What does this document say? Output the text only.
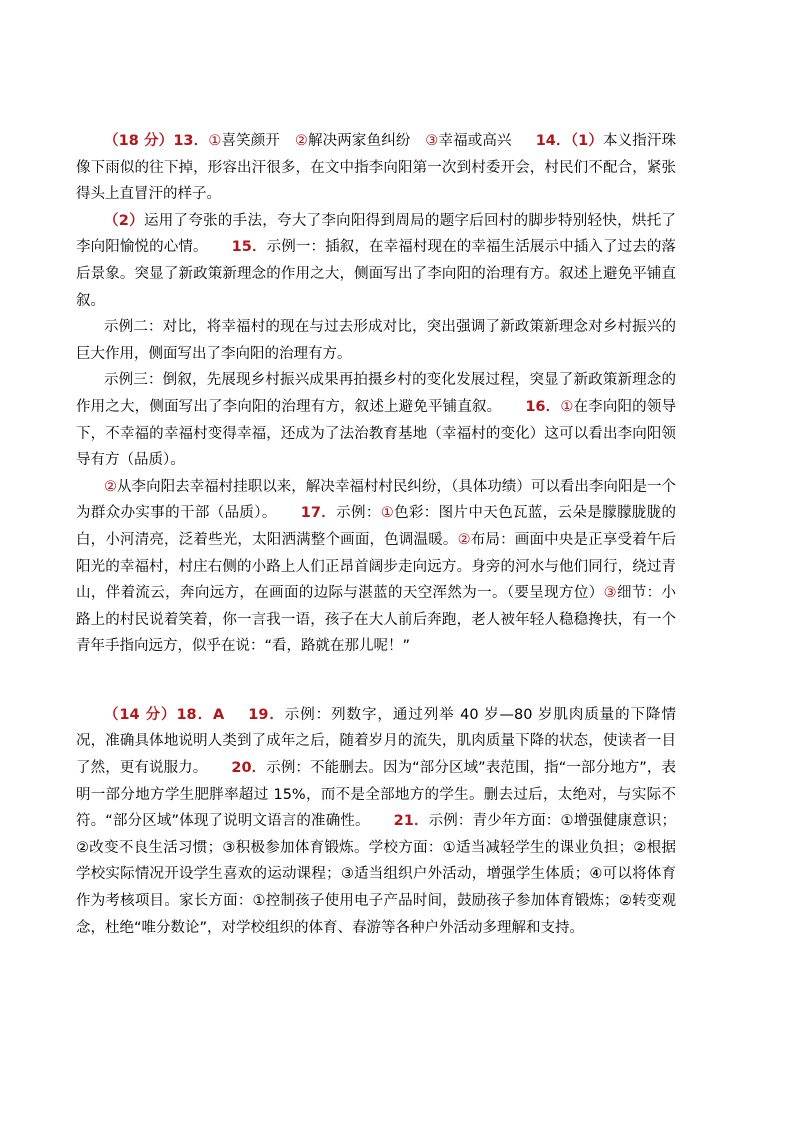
（18 分）13．①喜笑颜开 ②解决两家鱼纠纷 ③幸福或高兴 14．（1）本义指汗珠像下雨似的往下掉，形容出汗很多，在文中指李向阳第一次到村委开会，村民们不配合，紧张得头上直冒汗的样子。

（2）运用了夸张的手法，夸大了李向阳得到周局的题字后回村的脚步特别轻快，烘托了李向阳愉悦的心情。 15．示例一：插叙，在幸福村现在的幸福生活展示中插入了过去的落后景象。突显了新政策新理念的作用之大，侧面写出了李向阳的治理有方。叙述上避免平铺直叙。

示例二：对比，将幸福村的现在与过去形成对比，突出强调了新政策新理念对乡村振兴的巨大作用，侧面写出了李向阳的治理有方。

示例三：倒叙，先展现乡村振兴成果再拍摄乡村的变化发展过程，突显了新政策新理念的作用之大，侧面写出了李向阳的治理有方，叙述上避免平铺直叙。 16．①在李向阳的领导下，不幸福的幸福村变得幸福，还成为了法治教育基地（幸福村的变化）这可以看出李向阳领导有方（品质）。

②从李向阳去幸福村挂职以来，解决幸福村村民纠纷，（具体功绩）可以看出李向阳是一个为群众办实事的干部（品质）。 17．示例：①色彩：图片中天色瓦蓝，云朵是朦朦胧胧的白，小河清亮，泛着些光，太阳洒满整个画面，色调温暖。②布局：画面中央是正享受着午后阳光的幸福村，村庄右侧的小路上人们正昂首阔步走向远方。身旁的河水与他们同行，绕过青山，伴着流云，奔向远方，在画面的边际与湛蓝的天空浑然为一。（要呈现方位）③细节：小路上的村民说着笑着，你一言我一语，孩子在大人前后奔跑，老人被年轻人稳稳搀扶，有一个青年手指向远方，似乎在说：“看，路就在那儿呢！”

（14 分）18．A 19．示例：列数字，通过列举 40 岁—80 岁肌肉质量的下降情况，准确具体地说明人类到了成年之后，随着岁月的流失，肌肉质量下降的状态，使读者一目了然，更有说服力。 20．示例：不能删去。因为“部分区域”表范围，指“一部分地方”，表明一部分地方学生肥胖率超过 15%，而不是全部地方的学生。删去过后，太绝对，与实际不符。“部分区域”体现了说明文语言的准确性。 21．示例：青少年方面：①增强健康意识；②改变不良生活习惯；③积极参加体育锻炼。学校方面：①适当减轻学生的课业负担；②根据学校实际情况开设学生喜欢的运动课程；③适当组织户外活动，增强学生体质；④可以将体育作为考核项目。家长方面：①控制孩子使用电子产品时间，鼓励孩子参加体育锻炼；②转变观念，杜绝“唯分数论”，对学校组织的体育、春游等各种户外活动多理解和支持。
